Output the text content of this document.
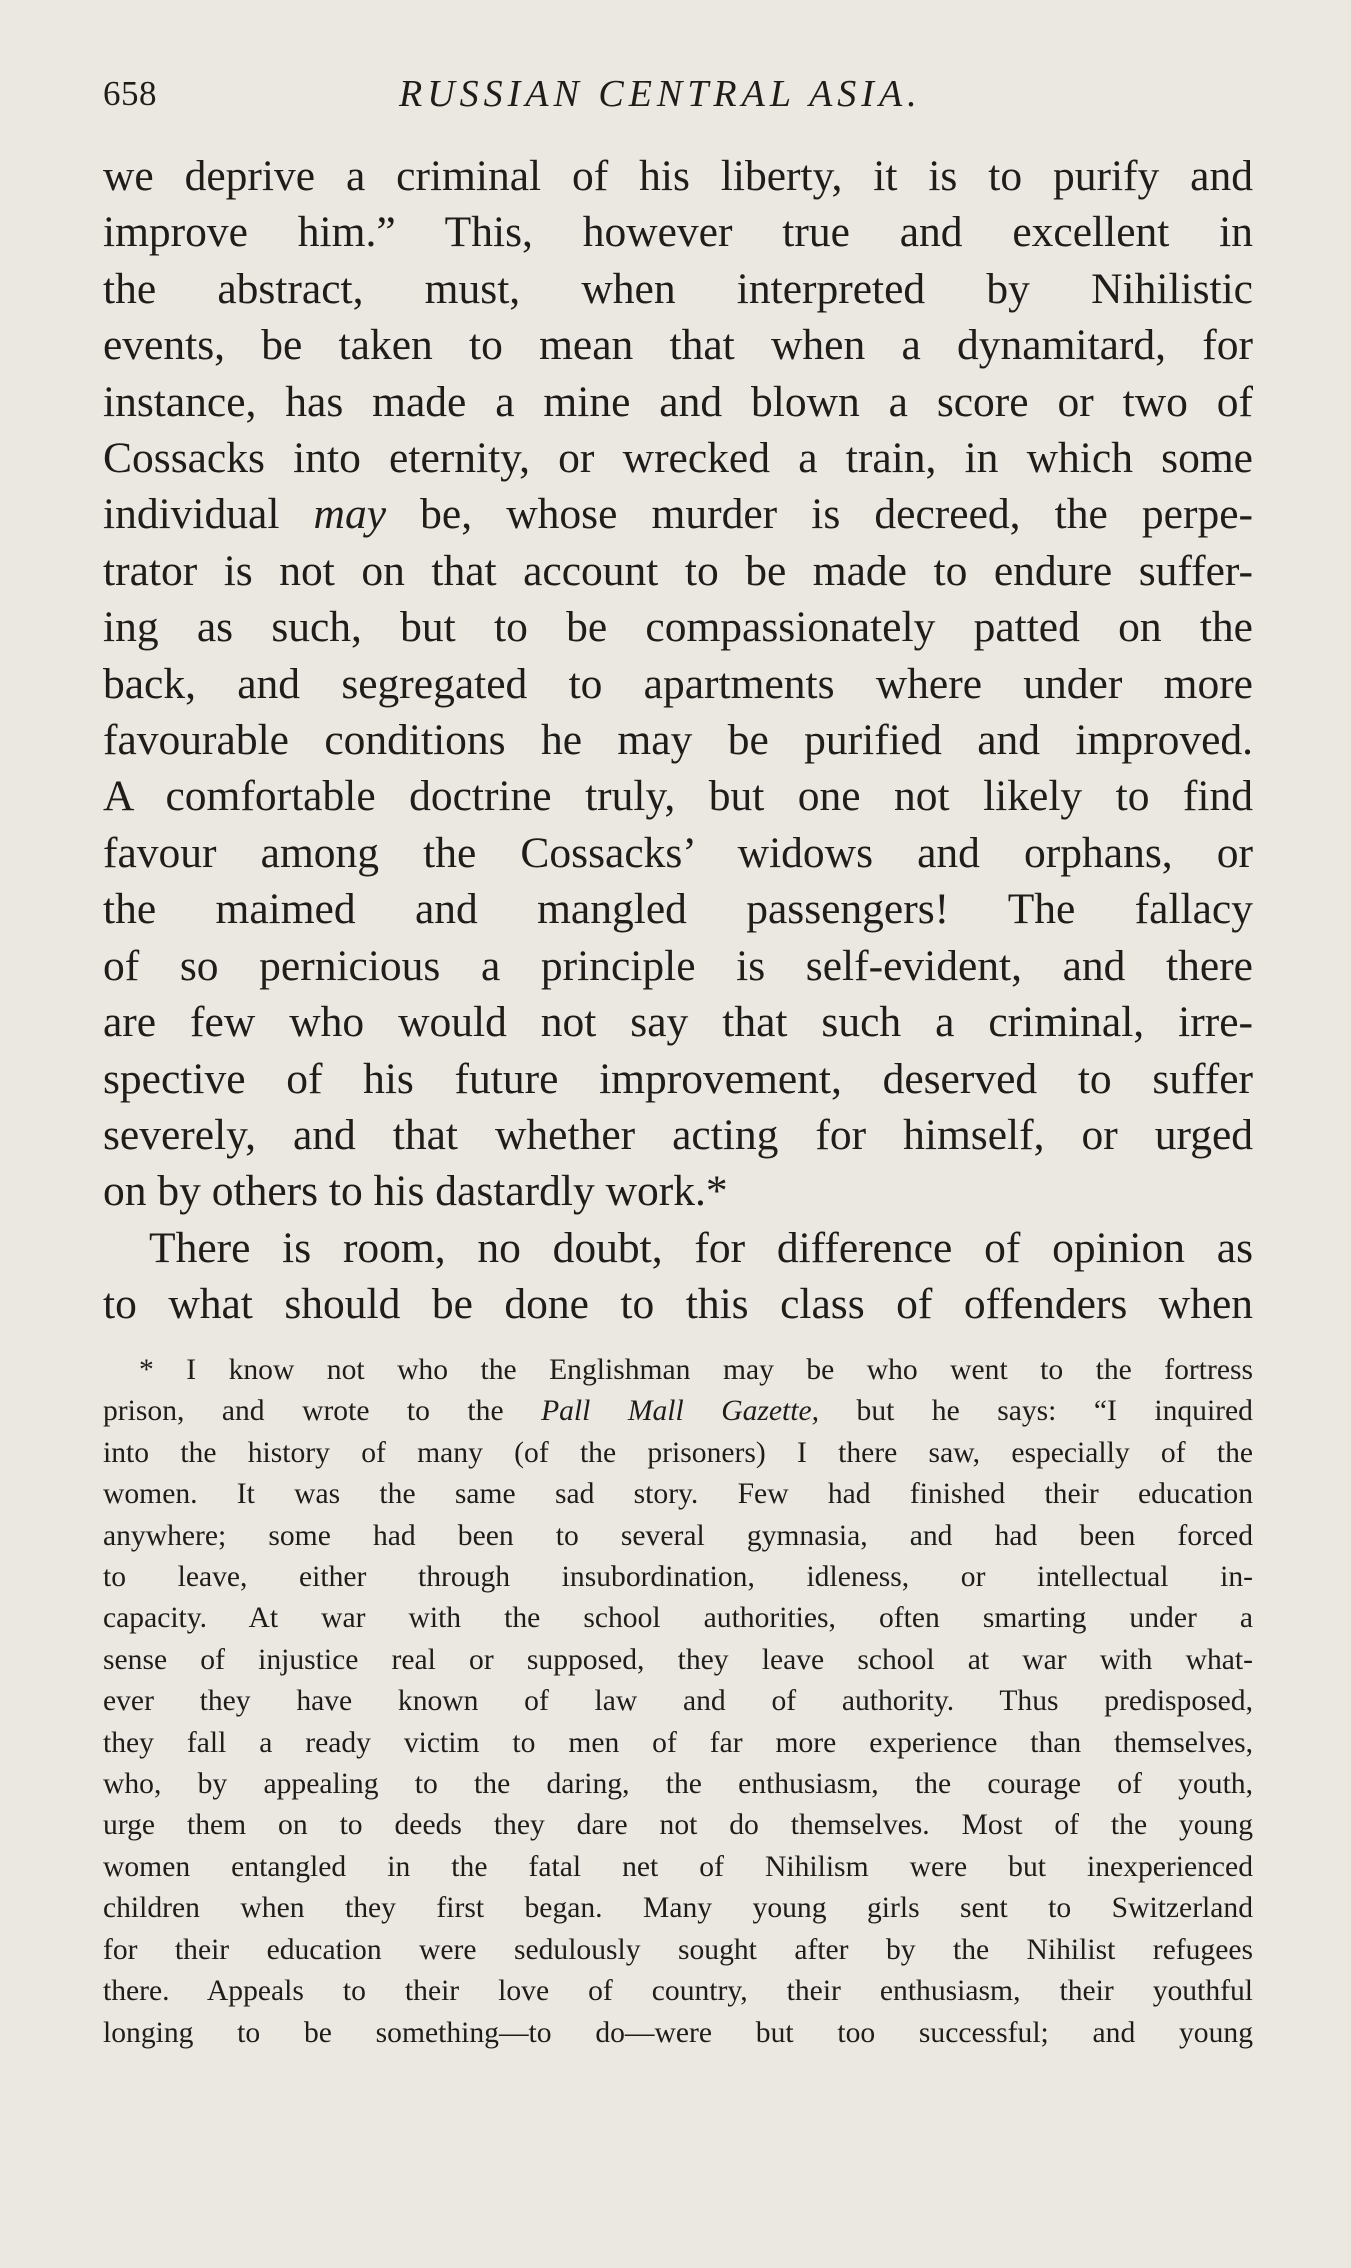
658	RUSSIAN CENTRAL ASIA.
we deprive a criminal of his liberty, it is to purify and
improve him.” This, however true and excellent in
the abstract, must, when interpreted by Nihilistic
events, be taken to mean that when a dynamitard, for
instance, has made a mine and blown a score or two of
Cossacks into eternity, or wrecked a train, in which some
individual may be, whose murder is decreed, the perpe-
trator is not on that account to be made to endure suffer-
ing as such, but to be compassionately patted on the
back, and segregated to apartments where under more
favourable conditions he may be purified and improved.
A comfortable doctrine truly, but one not likely to find
favour among the Cossacks’ widows and orphans, or
the maimed and mangled passengers! The fallacy
of so pernicious a principle is self-evident, and there
are few who would not say that such a criminal, irre-
spective of his future improvement, deserved to suffer
severely, and that whether acting for himself, or urged
on by others to his dastardly work.*
There is room, no doubt, for difference of opinion as
to what should be done to this class of offenders when
* I know not who the Englishman may be who went to the fortress
prison, and wrote to the Pall Mall Gazette, but he says: “I inquired
into the history of many (of the prisoners) I there saw, especially of the
women. It was the same sad story. Few had finished their education
anywhere; some had been to several gymnasia, and had been forced
to leave, either through insubordination, idleness, or intellectual in-
capacity. At war with the school authorities, often smarting under a
sense of injustice real or supposed, they leave school at war with what-
ever they have known of law and of authority. Thus predisposed,
they fall a ready victim to men of far more experience than themselves,
who, by appealing to the daring, the enthusiasm, the courage of youth,
urge them on to deeds they dare not do themselves. Most of the young
women entangled in the fatal net of Nihilism were but inexperienced
children when they first began. Many young girls sent to Switzerland
for their education were sedulously sought after by the Nihilist refugees
there. Appeals to their love of country, their enthusiasm, their youthful
longing to be something—to do—were but too successful; and young
